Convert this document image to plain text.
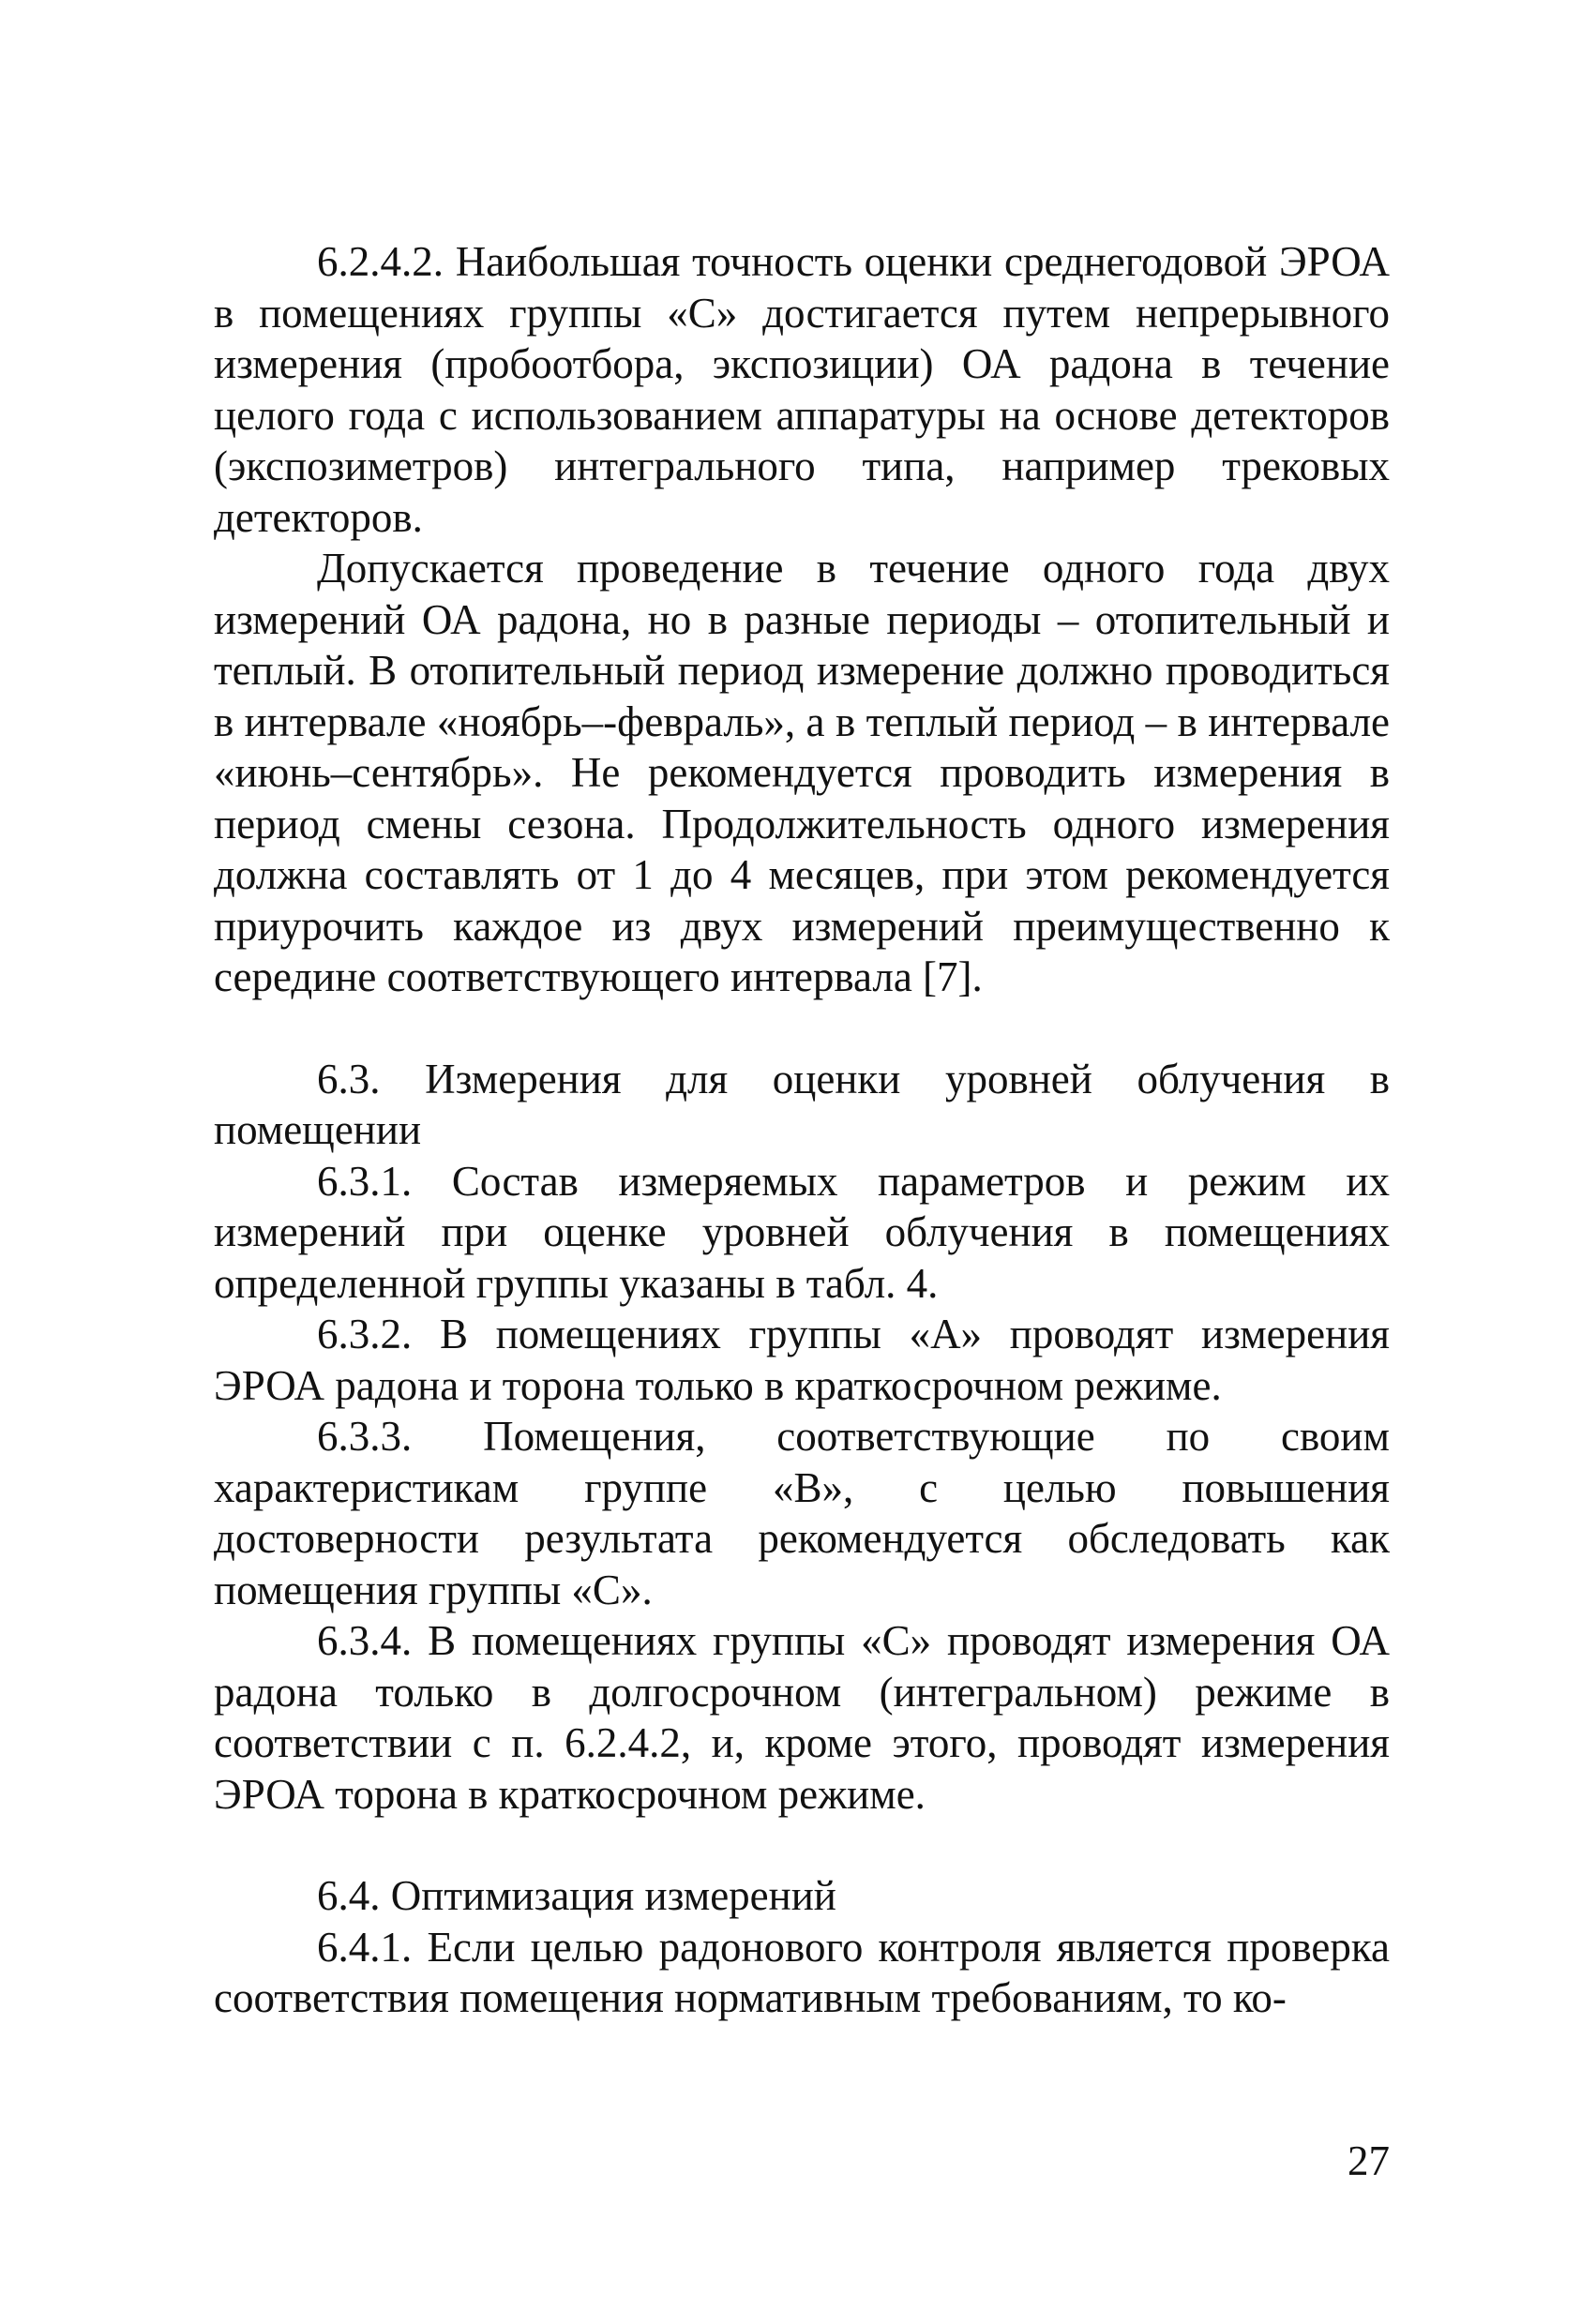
6.2.4.2. Наибольшая точность оценки среднегодовой ЭРОА в помещениях группы «С» достигается путем непрерывного измерения (пробоотбора, экспозиции) ОА радона в течение целого года с использованием аппаратуры на основе детекторов (экспозиметров) интегрального типа, например трековых детекторов.

Допускается проведение в течение одного года двух измерений ОА радона, но в разные периоды – отопительный и теплый. В отопительный период измерение должно проводиться в интервале «ноябрь–-февраль», а в теплый период – в интервале «июнь–сентябрь». Не рекомендуется проводить измерения в период смены сезона. Продолжительность одного измерения должна составлять от 1 до 4 месяцев, при этом рекомендуется приурочить каждое из двух измерений преимущественно к середине соответствующего интервала [7].

6.3. Измерения для оценки уровней облучения в помещении

6.3.1. Состав измеряемых параметров и режим их измерений при оценке уровней облучения в помещениях определенной группы указаны в табл. 4.

6.3.2. В помещениях группы «А» проводят измерения ЭРОА радона и торона только в краткосрочном режиме.

6.3.3. Помещения, соответствующие по своим характеристикам группе «В», с целью повышения достоверности результата рекомендуется обследовать как помещения группы «С».

6.3.4. В помещениях группы «С» проводят измерения ОА радона только в долгосрочном (интегральном) режиме в соответствии с п. 6.2.4.2, и, кроме этого, проводят измерения ЭРОА торона в краткосрочном режиме.

6.4. Оптимизация измерений

6.4.1. Если целью радонового контроля является проверка соответствия помещения нормативным требованиям, то ко-

27
